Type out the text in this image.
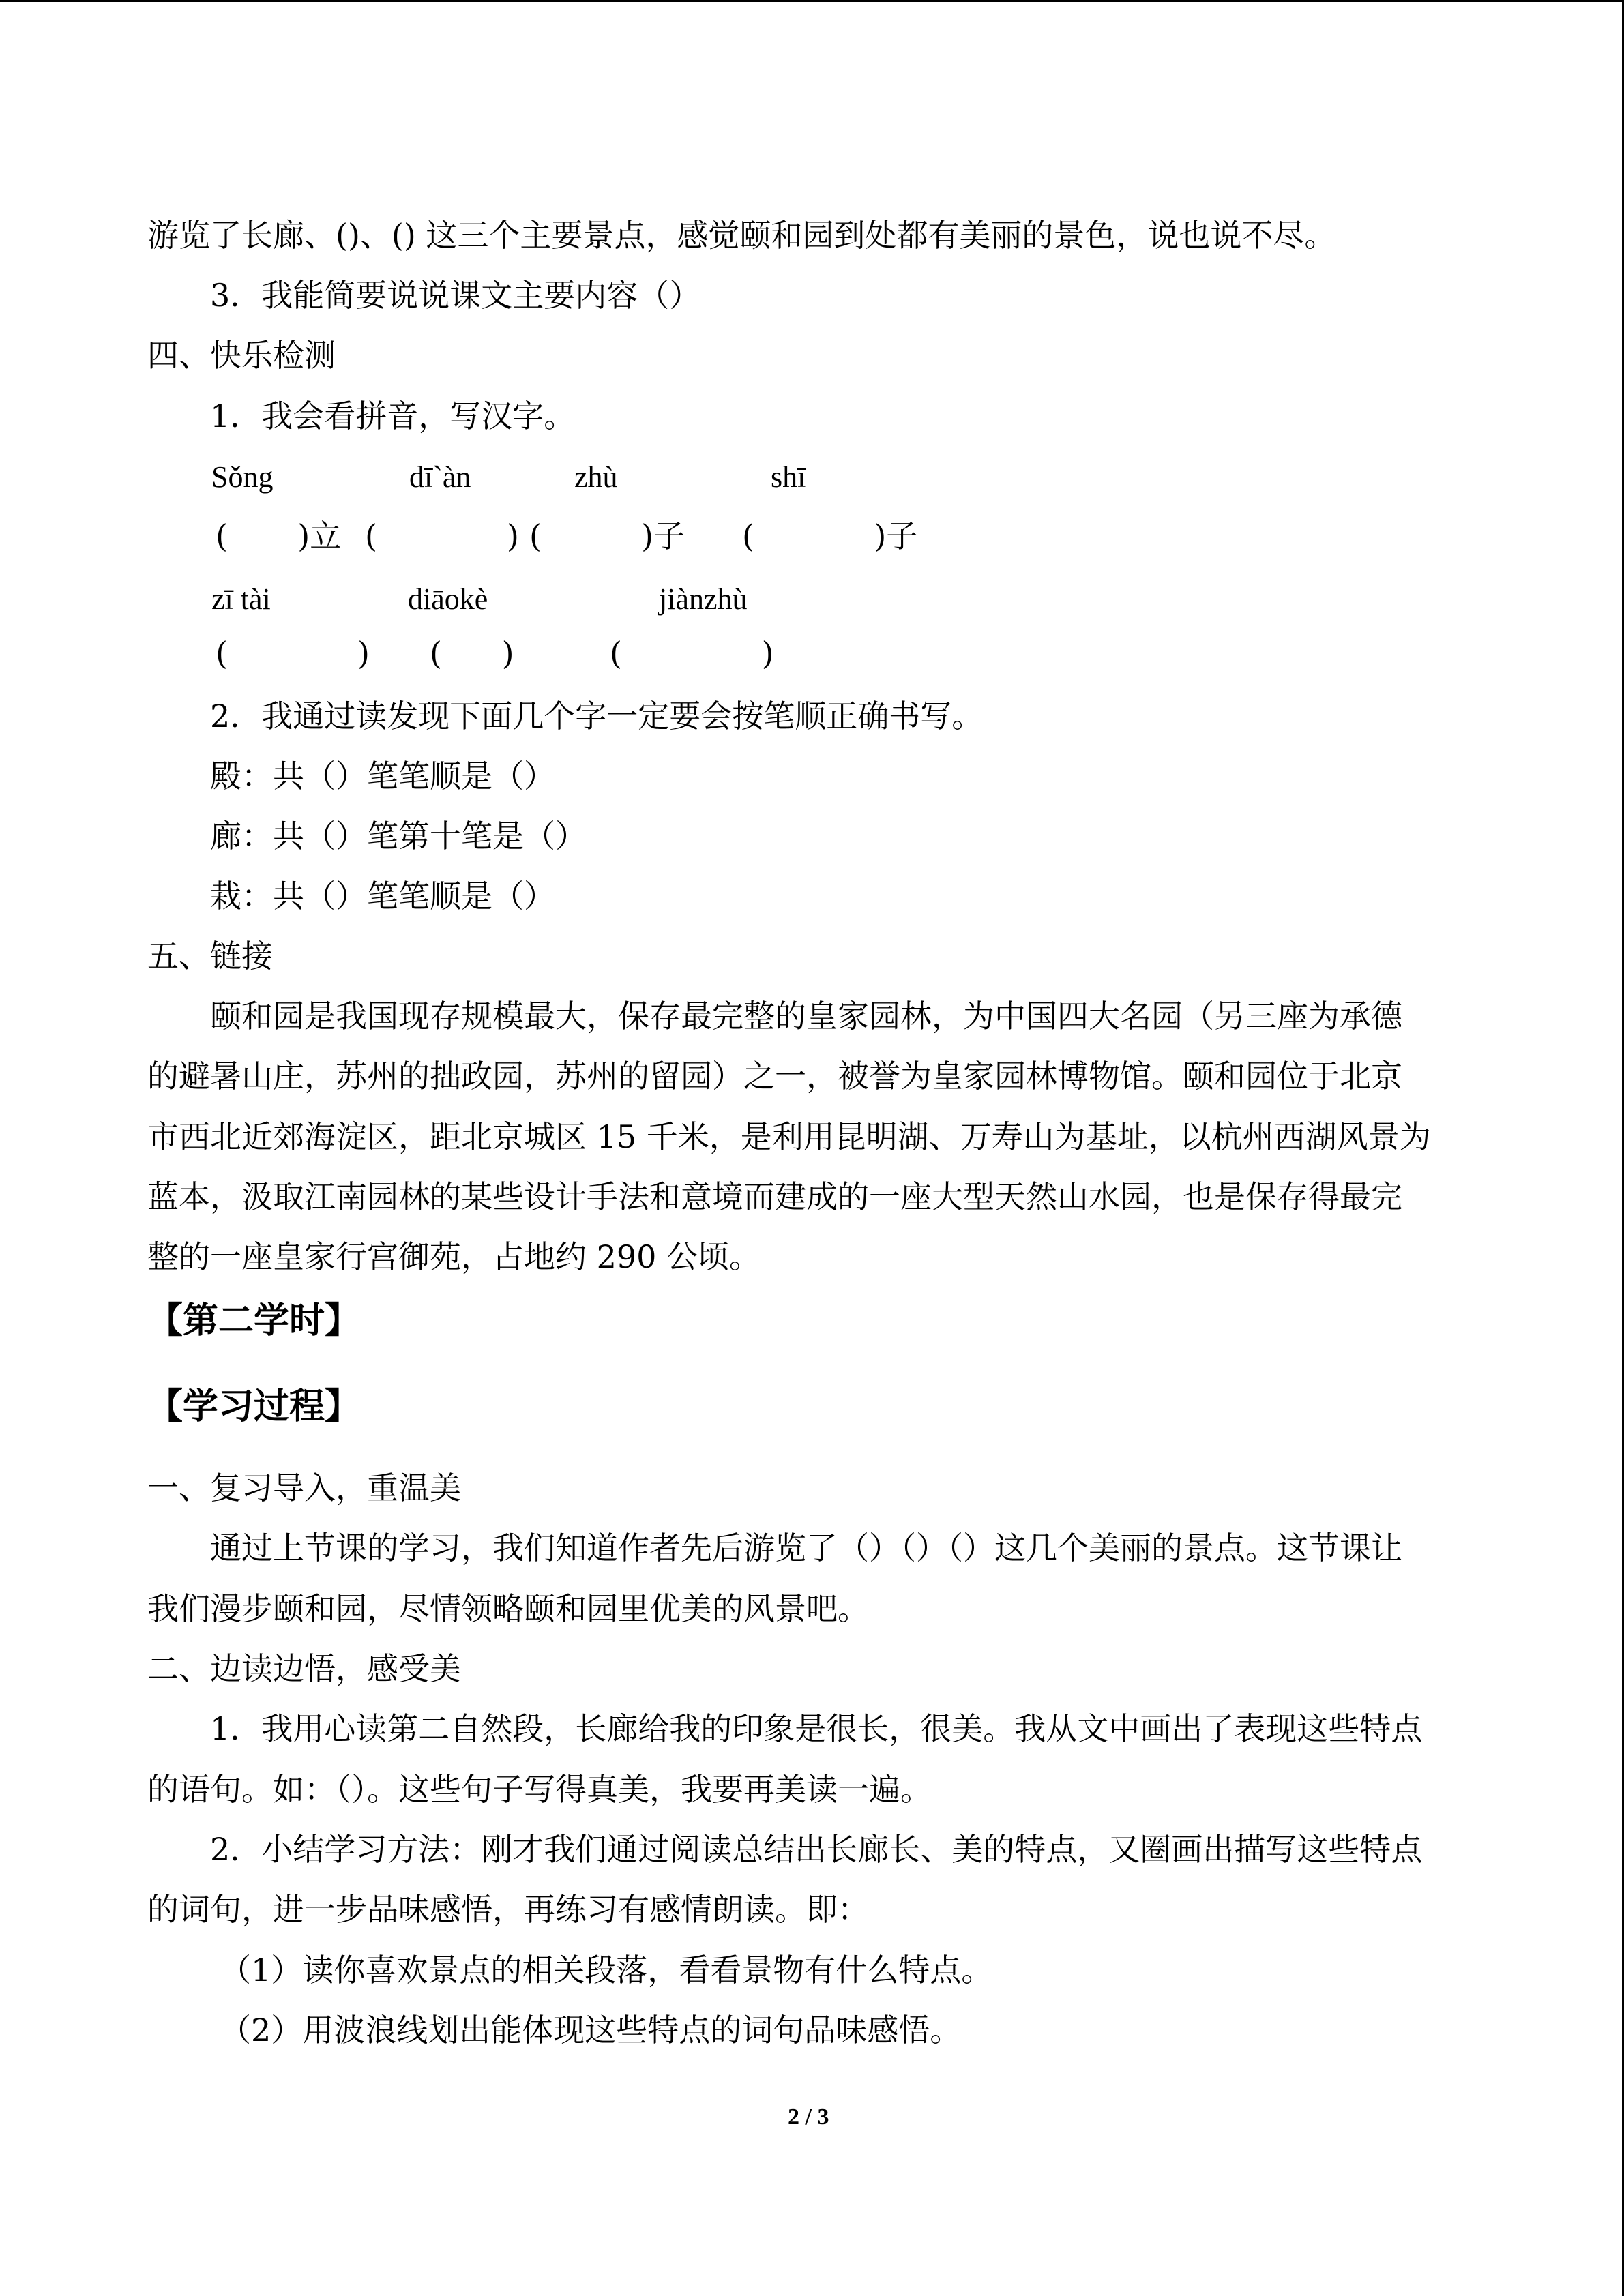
游览了长廊、()、() 这三个主要景点，感觉颐和园到处都有美丽的景色，说也说不尽。
3．我能简要说说课文主要内容（）
四、快乐检测
1．我会看拼音，写汉字。
Sǒng	dī`àn	zhù	shī
(       )立 (             ) (          )子 (            )子
zī tài	diāokè	jiànzhù
(             ) (      )	(              )
2．我通过读发现下面几个字一定要会按笔顺正确书写。
殿：共（）笔笔顺是（）
廊：共（）笔第十笔是（）
栽：共（）笔笔顺是（）
五、链接
颐和园是我国现存规模最大，保存最完整的皇家园林，为中国四大名园（另三座为承德
的避暑山庄，苏州的拙政园，苏州的留园）之一，被誉为皇家园林博物馆。颐和园位于北京
市西北近郊海淀区，距北京城区 15 千米，是利用昆明湖、万寿山为基址，以杭州西湖风景为
蓝本，汲取江南园林的某些设计手法和意境而建成的一座大型天然山水园，也是保存得最完
整的一座皇家行宫御苑，占地约 290 公顷。
【第二学时】
【学习过程】
一、复习导入，重温美
通过上节课的学习，我们知道作者先后游览了（）（）（）这几个美丽的景点。这节课让
我们漫步颐和园，尽情领略颐和园里优美的风景吧。
二、边读边悟，感受美
1．我用心读第二自然段，长廊给我的印象是很长，很美。我从文中画出了表现这些特点
的语句。如：（）。这些句子写得真美，我要再美读一遍。
2．小结学习方法：刚才我们通过阅读总结出长廊长、美的特点，又圈画出描写这些特点
的词句，进一步品味感悟，再练习有感情朗读。即：
（1）读你喜欢景点的相关段落，看看景物有什么特点。
（2）用波浪线划出能体现这些特点的词句品味感悟。
2 / 3
